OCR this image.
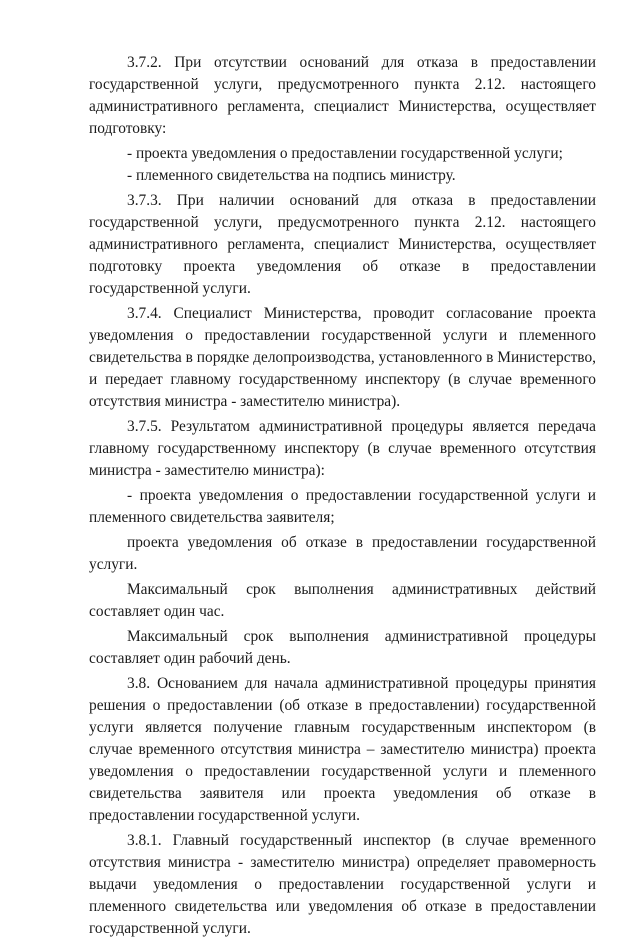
3.7.2. При отсутствии оснований для отказа в предоставлении государственной услуги, предусмотренного пункта 2.12. настоящего административного регламента, специалист Министерства, осуществляет подготовку:

- проекта уведомления о предоставлении государственной услуги;

- племенного свидетельства на подпись министру.

3.7.3. При наличии оснований для отказа в предоставлении государственной услуги, предусмотренного пункта 2.12. настоящего административного регламента, специалист Министерства, осуществляет подготовку проекта уведомления об отказе в предоставлении государственной услуги.

3.7.4. Специалист Министерства, проводит согласование проекта уведомления о предоставлении государственной услуги и племенного свидетельства в порядке делопроизводства, установленного в Министерство, и передает главному государственному инспектору (в случае временного отсутствия министра - заместителю министра).

3.7.5. Результатом административной процедуры является передача главному государственному инспектору (в случае временного отсутствия министра - заместителю министра):

- проекта уведомления о предоставлении государственной услуги и племенного свидетельства заявителя;

проекта уведомления об отказе в предоставлении государственной услуги.

Максимальный срок выполнения административных действий составляет один час.

Максимальный срок выполнения административной процедуры составляет один рабочий день.

3.8. Основанием для начала административной процедуры принятия решения о предоставлении (об отказе в предоставлении) государственной услуги является получение главным государственным инспектором (в случае временного отсутствия министра – заместителю министра) проекта уведомления о предоставлении государственной услуги и племенного свидетельства заявителя или проекта уведомления об отказе в предоставлении государственной услуги.

3.8.1. Главный государственный инспектор (в случае временного отсутствия министра - заместителю министра) определяет правомерность выдачи уведомления о предоставлении государственной услуги и племенного свидетельства или уведомления об отказе в предоставлении государственной услуги.
